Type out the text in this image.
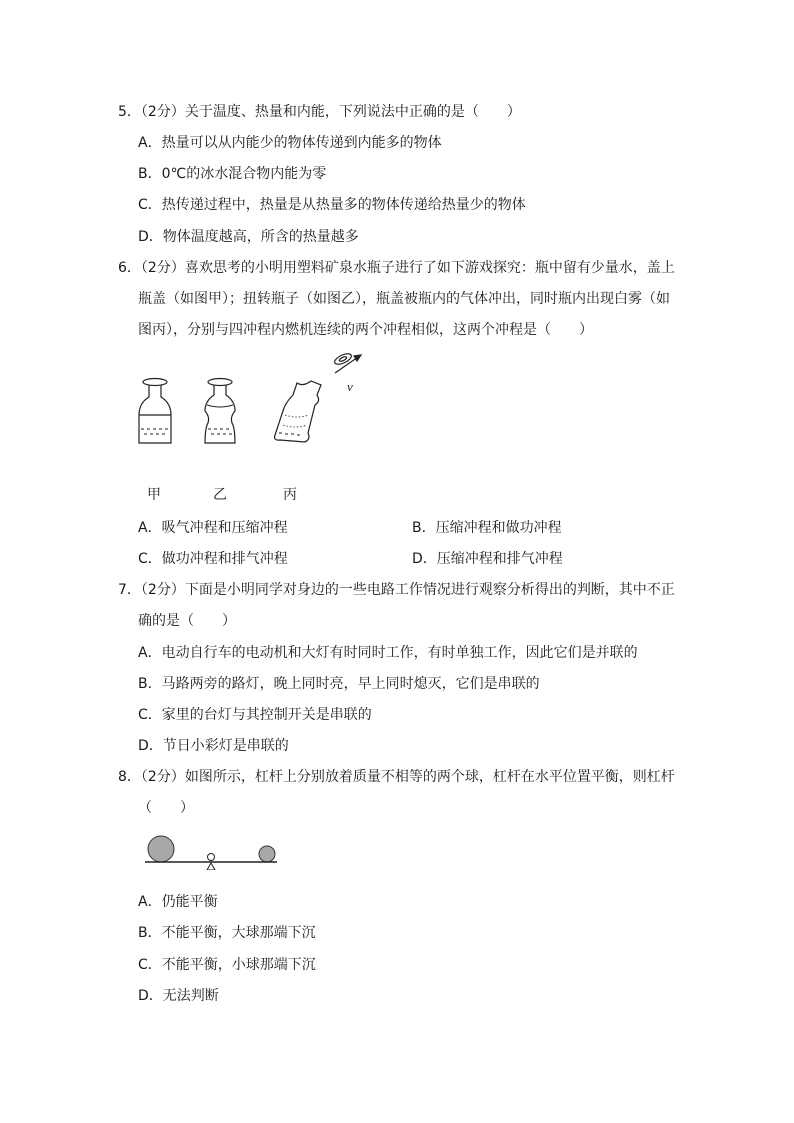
5．（2分）关于温度、热量和内能，下列说法中正确的是（　　）
A．热量可以从内能少的物体传递到内能多的物体
B．0℃的冰水混合物内能为零
C．热传递过程中，热量是从热量多的物体传递给热量少的物体
D．物体温度越高，所含的热量越多
6．（2分）喜欢思考的小明用塑料矿泉水瓶子进行了如下游戏探究：瓶中留有少量水，盖上
瓶盖（如图甲）；扭转瓶子（如图乙），瓶盖被瓶内的气体冲出，同时瓶内出现白雾（如
图丙），分别与四冲程内燃机连续的两个冲程相似，这两个冲程是（　　）
v
甲	乙	丙
A．吸气冲程和压缩冲程	B．压缩冲程和做功冲程
C．做功冲程和排气冲程	D．压缩冲程和排气冲程
7．（2分）下面是小明同学对身边的一些电路工作情况进行观察分析得出的判断，其中不正
确的是（　　）
A．电动自行车的电动机和大灯有时同时工作，有时单独工作，因此它们是并联的
B．马路两旁的路灯，晚上同时亮，早上同时熄灭，它们是串联的
C．家里的台灯与其控制开关是串联的
D．节日小彩灯是串联的
8．（2分）如图所示，杠杆上分别放着质量不相等的两个球，杠杆在水平位置平衡，则杠杆
（　　）
A．仍能平衡
B．不能平衡，大球那端下沉
C．不能平衡，小球那端下沉
D．无法判断
